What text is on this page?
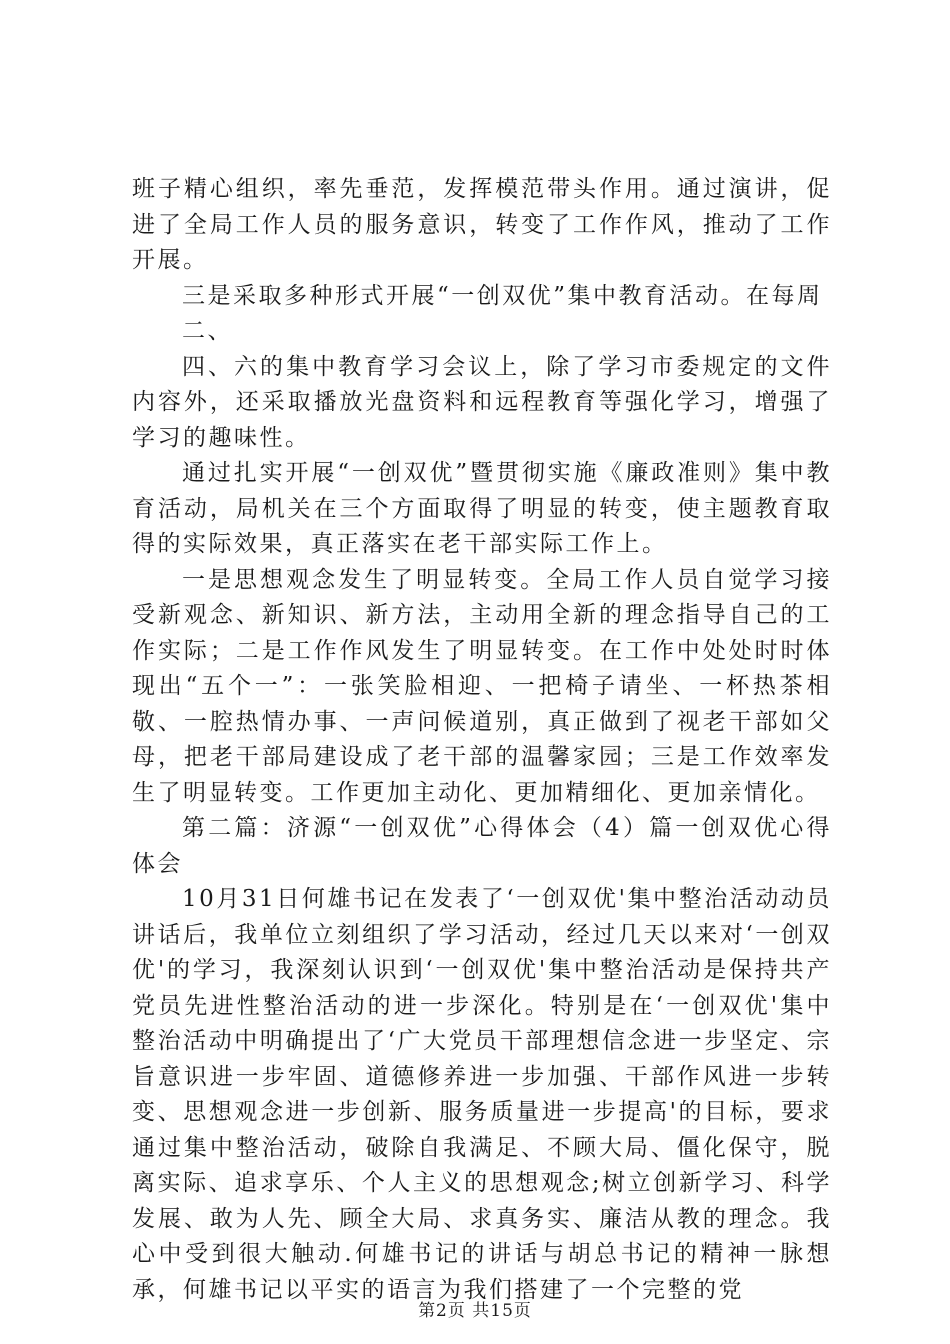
班子精心组织，率先垂范，发挥模范带头作用。通过演讲，促进了全局工作人员的服务意识，转变了工作作风，推动了工作开展。

三是采取多种形式开展“一创双优”集中教育活动。在每周

二、

四、六的集中教育学习会议上，除了学习市委规定的文件内容外，还采取播放光盘资料和远程教育等强化学习，增强了学习的趣味性。

通过扎实开展“一创双优”暨贯彻实施《廉政准则》集中教育活动，局机关在三个方面取得了明显的转变，使主题教育取得的实际效果，真正落实在老干部实际工作上。

一是思想观念发生了明显转变。全局工作人员自觉学习接受新观念、新知识、新方法，主动用全新的理念指导自己的工作实际；二是工作作风发生了明显转变。在工作中处处时时体现出“五个一”：一张笑脸相迎、一把椅子请坐、一杯热茶相敬、一腔热情办事、一声问候道别，真正做到了视老干部如父母，把老干部局建设成了老干部的温馨家园；三是工作效率发生了明显转变。工作更加主动化、更加精细化、更加亲情化。

第二篇：济源“一创双优”心得体会（4）篇一创双优心得体会

10月31日何雄书记在发表了‘一创双优'集中整治活动动员讲话后，我单位立刻组织了学习活动，经过几天以来对‘一创双优'的学习，我深刻认识到‘一创双优'集中整治活动是保持共产党员先进性整治活动的进一步深化。特别是在‘一创双优'集中整治活动中明确提出了‘广大党员干部理想信念进一步坚定、宗旨意识进一步牢固、道德修养进一步加强、干部作风进一步转变、思想观念进一步创新、服务质量进一步提高'的目标，要求通过集中整治活动，破除自我满足、不顾大局、僵化保守，脱离实际、追求享乐、个人主义的思想观念;树立创新学习、科学发展、敢为人先、顾全大局、求真务实、廉洁从教的理念。我心中受到很大触动.何雄书记的讲话与胡总书记的精神一脉想承，何雄书记以平实的语言为我们搭建了一个完整的党

第2页 共15页
